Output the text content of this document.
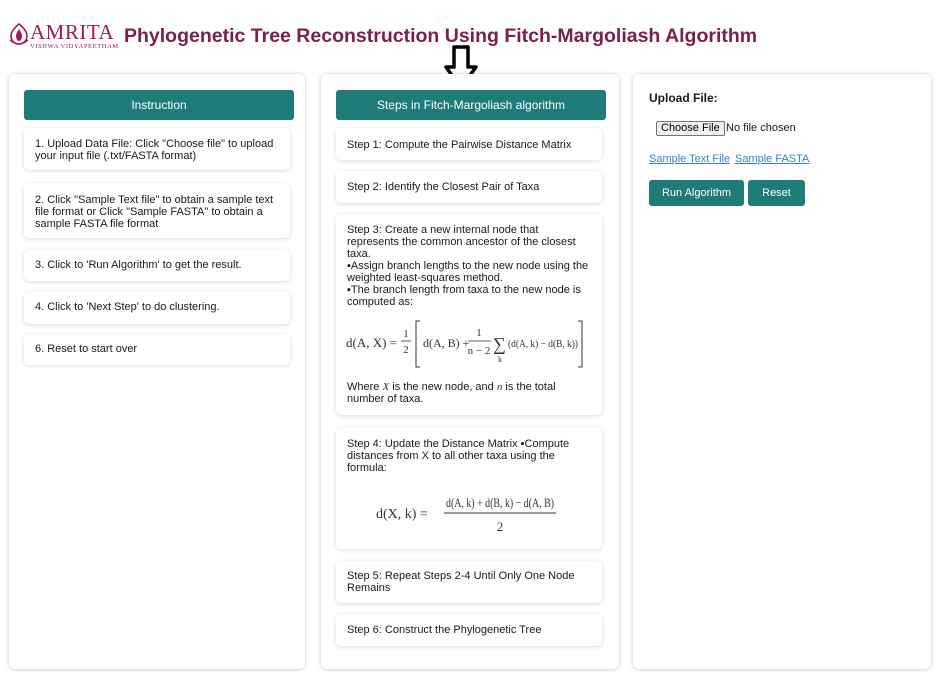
AMRITA
VISHWA VIDYAPEETHAM Phylogenetic Tree Reconstruction Using Fitch-Margoliash Algorithm
Instruction
1. Upload Data File: Click "Choose file" to upload your input file (.txt/FASTA format)
2. Click "Sample Text file" to obtain a sample text file format or Click "Sample FASTA" to obtain a sample FASTA file format
3. Click to 'Run Algorithm' to get the result.
4. Click to 'Next Step' to do clustering.
6. Reset to start over
Steps in Fitch-Margoliash algorithm
Step 1: Compute the Pairwise Distance Matrix
Step 2: Identify the Closest Pair of Taxa
Step 3: Create a new internal node that represents the common ancestor of the closest taxa.
▪Assign branch lengths to the new node using the weighted least-squares method.
▪The branch length from taxa to the new node is computed as:
d(A, X) =
1
2 d(A, B) +
1
n − 2 ∑
k
(d(A, k) − d(B, k))
Where X is the new node, and n is the total number of taxa.
Step 4: Update the Distance Matrix ▪Compute distances from X to all other taxa using the formula:
d(X, k) =
d(A, k) + d(B, k) − d(A, B)
2
Step 5: Repeat Steps 2-4 Until Only One Node Remains
Step 6: Construct the Phylogenetic Tree
Upload File:
Choose File No file chosen
Sample Text File Sample FASTA
Run Algorithm	Reset
